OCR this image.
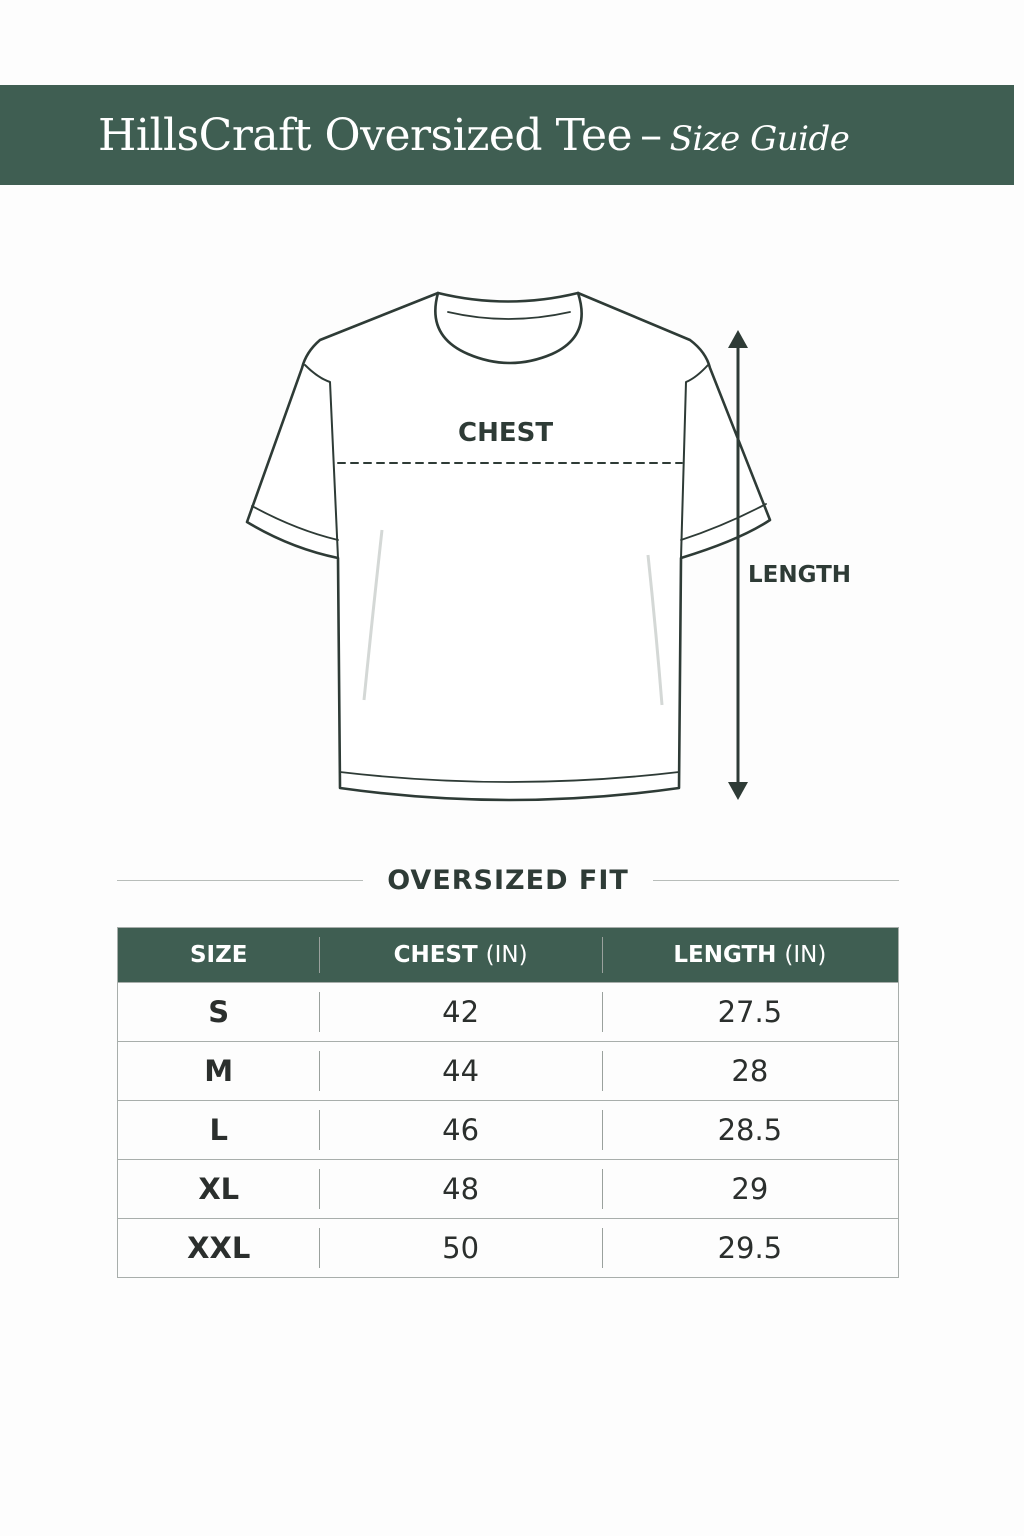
HillsCraft Oversized Tee – Size Guide
CHEST
LENGTH
OVERSIZED FIT
SIZE	CHEST (IN)	LENGTH (IN)
S	42	27.5
M	44	28
L	46	28.5
XL	48	29
XXL	50	29.5
